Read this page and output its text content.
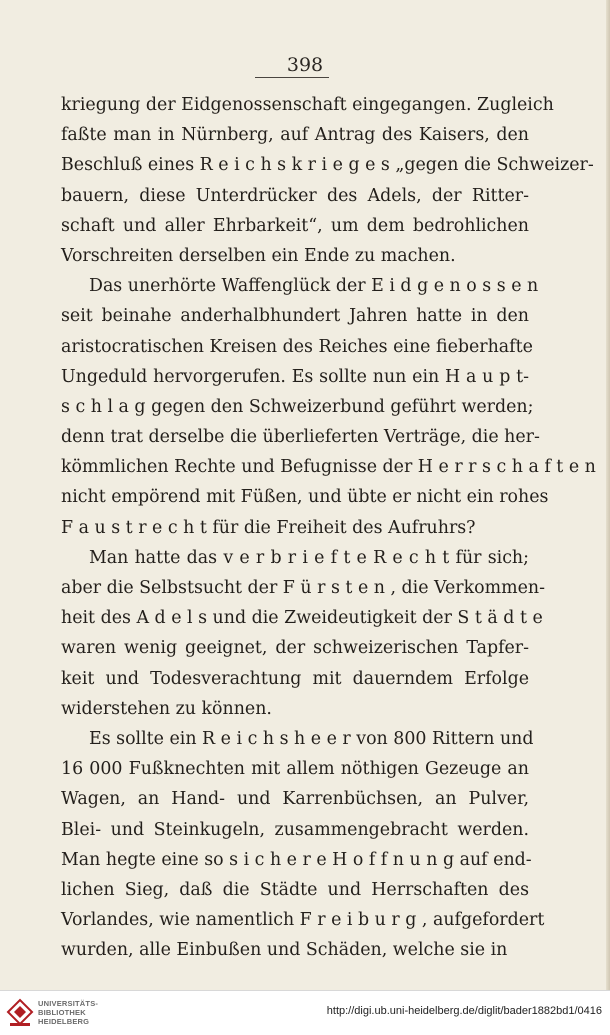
398
kriegung der Eidgenossenschaft eingegangen. Zugleich
faßte man in Nürnberg, auf Antrag des Kaisers, den
Beschluß eines R e i c h s k r i e g e s „gegen die Schweizer-
bauern, diese Unterdrücker des Adels, der Ritter-
schaft und aller Ehrbarkeit“, um dem bedrohlichen
Vorschreiten derselben ein Ende zu machen.
Das unerhörte Waffenglück der E i d g e n o s s e n
seit beinahe anderhalbhundert Jahren hatte in den
aristocratischen Kreisen des Reiches eine fieberhafte
Ungeduld hervorgerufen. Es sollte nun ein H a u p t-
s c h l a g gegen den Schweizerbund geführt werden;
denn trat derselbe die überlieferten Verträge, die her-
kömmlichen Rechte und Befugnisse der H e r r s c h a f t e n
nicht empörend mit Füßen, und übte er nicht ein rohes
F a u s t r e c h t für die Freiheit des Aufruhrs?
Man hatte das v e r b r i e f t e R e c h t für sich;
aber die Selbstsucht der F ü r s t e n , die Verkommen-
heit des A d e l s und die Zweideutigkeit der S t ä d t e
waren wenig geeignet, der schweizerischen Tapfer-
keit und Todesverachtung mit dauerndem Erfolge
widerstehen zu können.
Es sollte ein R e i c h s h e e r von 800 Rittern und
16 000 Fußknechten mit allem nöthigen Gezeuge an
Wagen, an Hand- und Karrenbüchsen, an Pulver,
Blei- und Steinkugeln, zusammengebracht werden.
Man hegte eine so s i c h e r e H o f f n u n g auf end-
lichen Sieg, daß die Städte und Herrschaften des
Vorlandes, wie namentlich F r e i b u r g , aufgefordert
wurden, alle Einbußen und Schäden, welche sie in
UNIVERSITÄTS-
BIBLIOTHEK
HEIDELBERG
http://digi.ub.uni-heidelberg.de/diglit/bader1882bd1/0416
